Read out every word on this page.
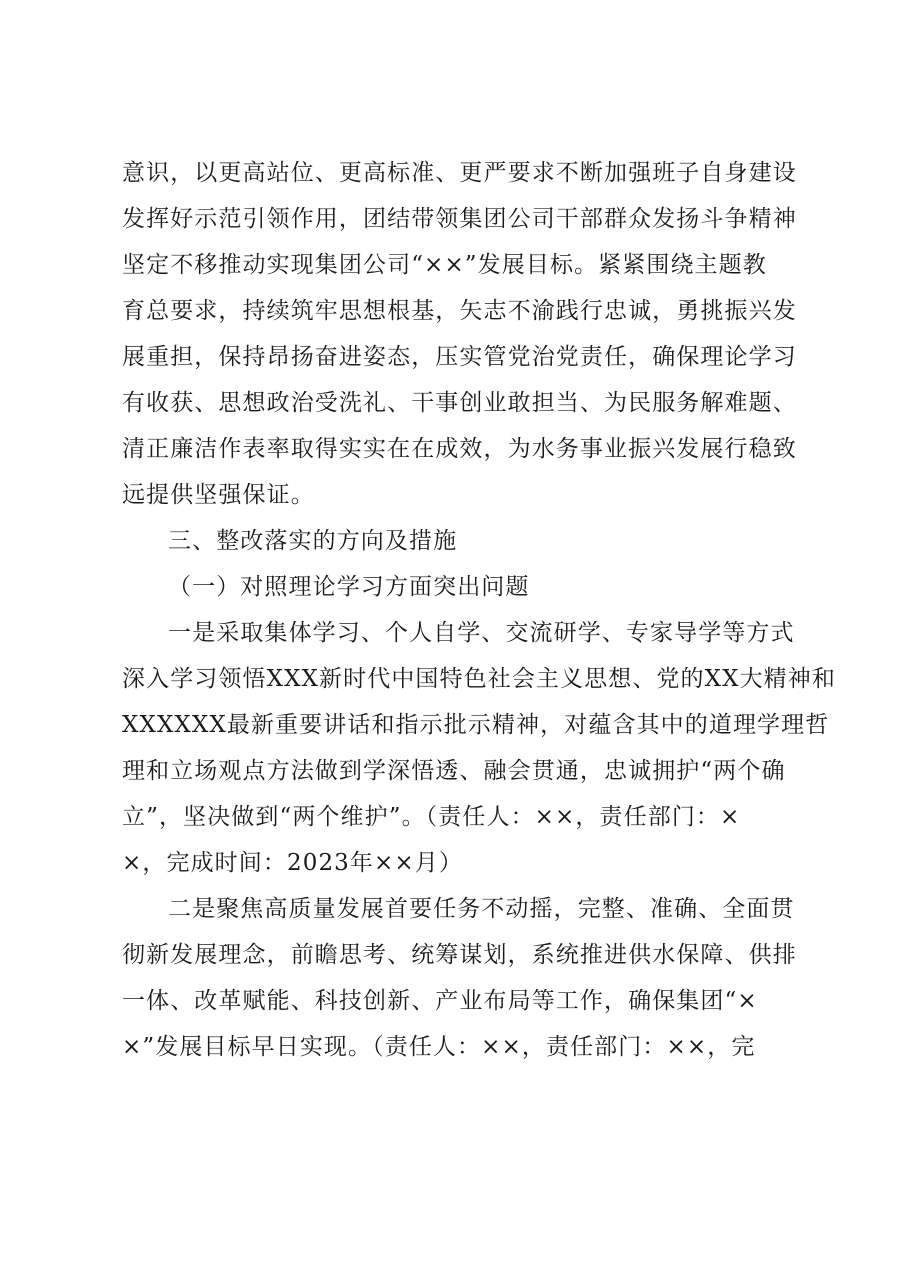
意识，以更高站位、更高标准、更严要求不断加强班子自身建设
发挥好示范引领作用，团结带领集团公司干部群众发扬斗争精神
坚定不移推动实现集团公司“××”发展目标。紧紧围绕主题教
育总要求，持续筑牢思想根基，矢志不渝践行忠诚，勇挑振兴发
展重担，保持昂扬奋进姿态，压实管党治党责任，确保理论学习
有收获、思想政治受洗礼、干事创业敢担当、为民服务解难题、
清正廉洁作表率取得实实在在成效，为水务事业振兴发展行稳致
远提供坚强保证。
三、整改落实的方向及措施
（一）对照理论学习方面突出问题
一是采取集体学习、个人自学、交流研学、专家导学等方式
深入学习领悟XXX新时代中国特色社会主义思想、党的XX大精神和
XXXXXX最新重要讲话和指示批示精神，对蕴含其中的道理学理哲
理和立场观点方法做到学深悟透、融会贯通，忠诚拥护“两个确
立”，坚决做到“两个维护”。（责任人：××，责任部门：×
×，完成时间：2023年××月）
二是聚焦高质量发展首要任务不动摇，完整、准确、全面贯
彻新发展理念，前瞻思考、统筹谋划，系统推进供水保障、供排
一体、改革赋能、科技创新、产业布局等工作，确保集团“×
×”发展目标早日实现。（责任人：××，责任部门：××，完
